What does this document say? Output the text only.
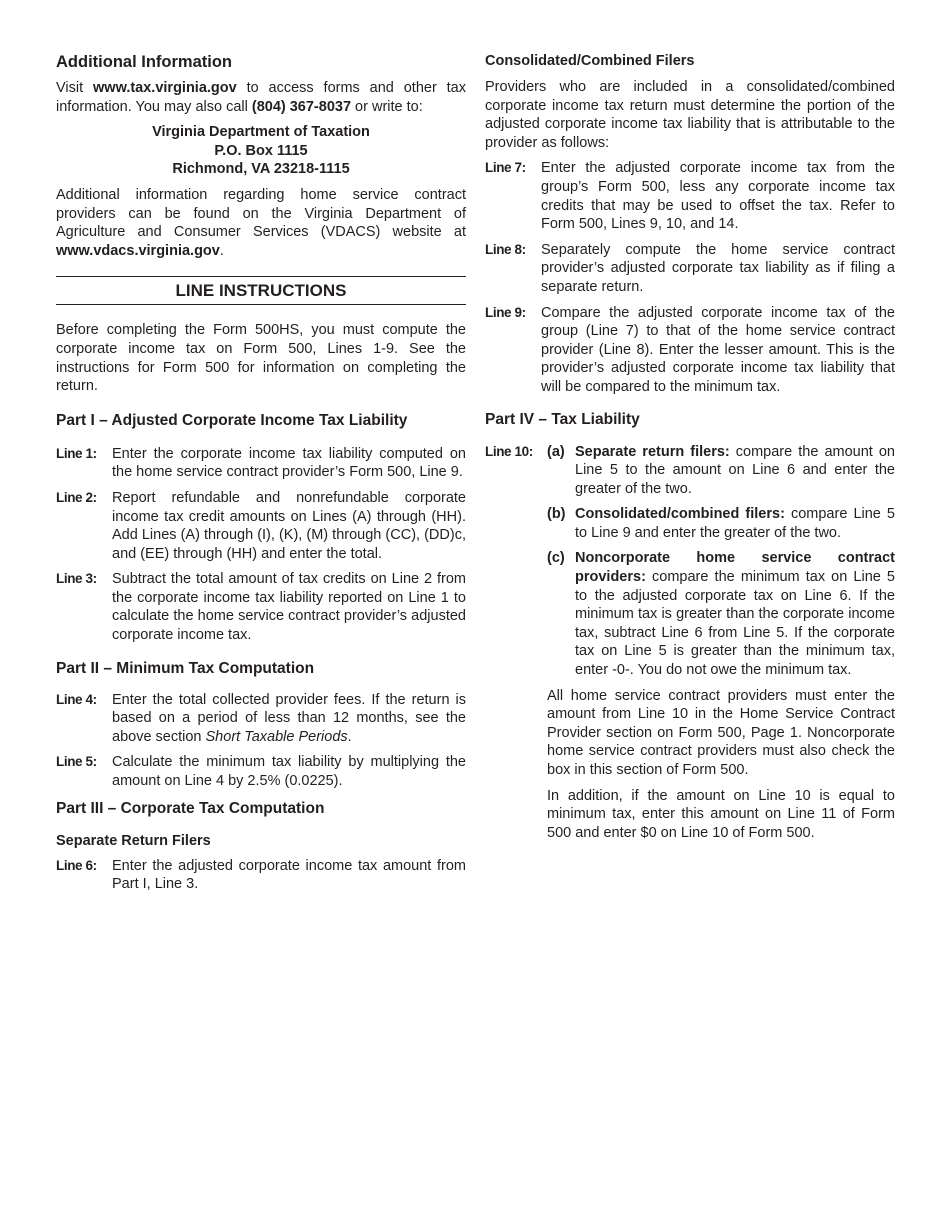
Additional Information

Visit www.tax.virginia.gov to access forms and other tax information. You may also call (804) 367-8037 or write to:

Virginia Department of Taxation

P.O. Box 1115

Richmond, VA 23218-1115

Additional information regarding home service contract providers can be found on the Virginia Department of Agriculture and Consumer Services (VDACS) website at www.vdacs.virginia.gov.

LINE INSTRUCTIONS

Before completing the Form 500HS, you must compute the corporate income tax on Form 500, Lines 1-9. See the instructions for Form 500 for information on completing the return.

Part I – Adjusted Corporate Income Tax Liability
Line 1:	Enter the corporate income tax liability computed on the home service contract provider’s Form 500, Line 9.
Line 2:	Report refundable and nonrefundable corporate income tax credit amounts on Lines (A) through (HH). Add Lines (A) through (I), (K), (M) through (CC), (DD)c, and (EE) through (HH) and enter the total.
Line 3:	Subtract the total amount of tax credits on Line 2 from the corporate income tax liability reported on Line 1 to calculate the home service contract provider’s adjusted corporate income tax.
Part II – Minimum Tax Computation
Line 4:	Enter the total collected provider fees. If the return is based on a period of less than 12 months, see the above section Short Taxable Periods.
Line 5:	Calculate the minimum tax liability by multiplying the amount on Line 4 by 2.5% (0.0225).
Part III – Corporate Tax Computation
Separate Return Filers
Line 6:	Enter the adjusted corporate income tax amount from Part I, Line 3.
Consolidated/Combined Filers

Providers who are included in a consolidated/combined corporate income tax return must determine the portion of the adjusted corporate income tax liability that is attributable to the provider as follows:

Line 7:	Enter the adjusted corporate income tax from the group’s Form 500, less any corporate income tax credits that may be used to offset the tax. Refer to Form 500, Lines 9, 10, and 14.
Line 8:	Separately compute the home service contract provider’s adjusted corporate tax liability as if filing a separate return.
Line 9:	Compare the adjusted corporate income tax of the group (Line 7) to that of the home service contract provider (Line 8). Enter the lesser amount. This is the provider’s adjusted corporate income tax liability that will be compared to the minimum tax.
Part IV – Tax Liability
Line 10: (a) Separate return filers: compare the amount on Line 5 to the amount on Line 6 and enter the greater of the two.
(b) Consolidated/combined filers: compare Line 5 to Line 9 and enter the greater of the two.
(c) Noncorporate home service contract providers: compare the minimum tax on Line 5 to the adjusted corporate tax on Line 6. If the minimum tax is greater than the corporate income tax, subtract Line 6 from Line 5. If the corporate tax on Line 5 is greater than the minimum tax, enter -0-. You do not owe the minimum tax.

All home service contract providers must enter the amount from Line 10 in the Home Service Contract Provider section on Form 500, Page 1. Noncorporate home service contract providers must also check the box in this section of Form 500.

In addition, if the amount on Line 10 is equal to minimum tax, enter this amount on Line 11 of Form 500 and enter $0 on Line 10 of Form 500.
